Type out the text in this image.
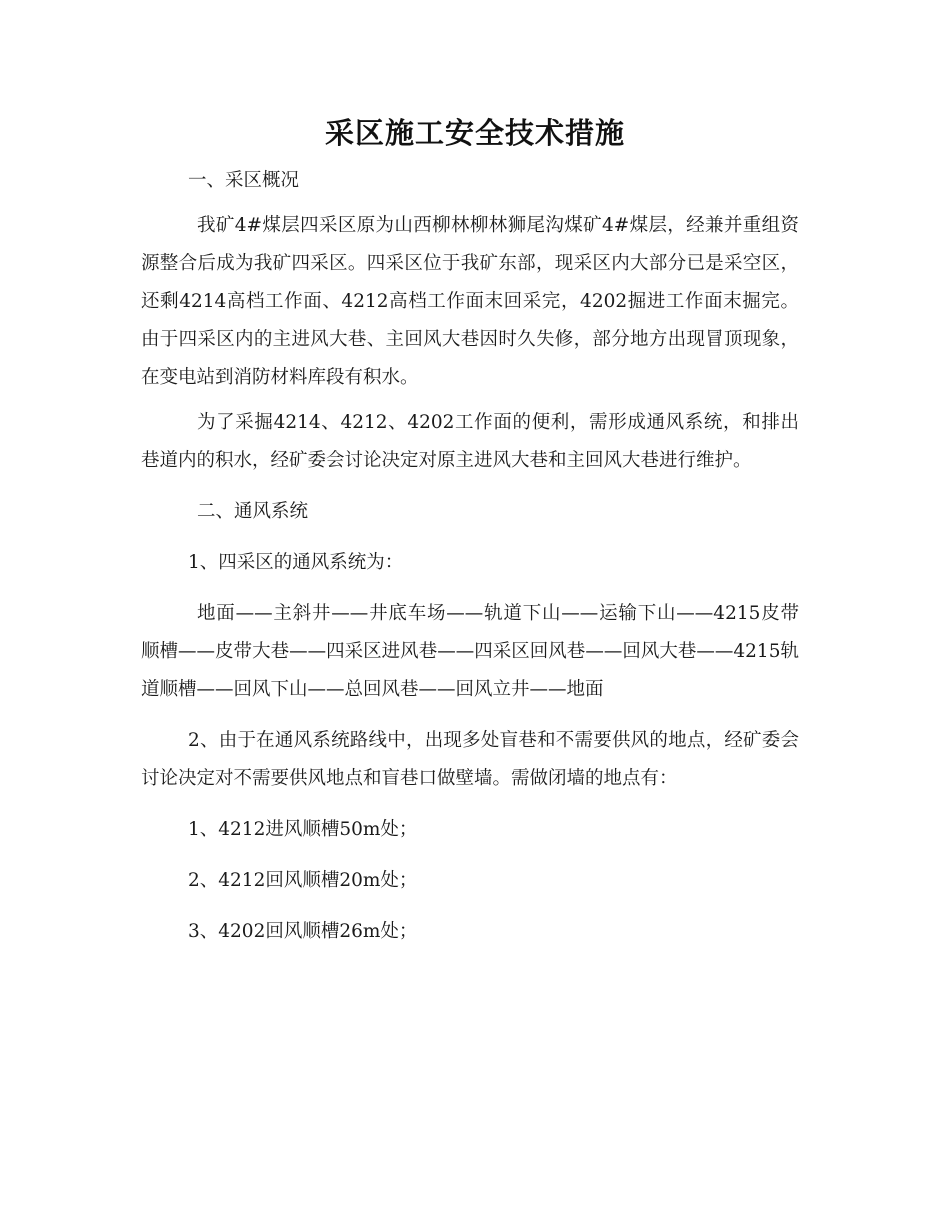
采区施工安全技术措施

一、采区概况

我矿4#煤层四采区原为山西柳林柳林狮尾沟煤矿4#煤层，经兼并重组资源整合后成为我矿四采区。四采区位于我矿东部，现采区内大部分已是采空区，还剩4214高档工作面、4212高档工作面末回采完，4202掘进工作面末掘完。由于四采区内的主进风大巷、主回风大巷因时久失修，部分地方出现冒顶现象，在变电站到消防材料库段有积水。

为了采掘4214、4212、4202工作面的便利，需形成通风系统，和排出巷道内的积水，经矿委会讨论决定对原主进风大巷和主回风大巷进行维护。

二、通风系统

1、四采区的通风系统为：

地面——主斜井——井底车场——轨道下山——运输下山——4215皮带顺槽——皮带大巷——四采区进风巷——四采区回风巷——回风大巷——4215轨道顺槽——回风下山——总回风巷——回风立井——地面

2、由于在通风系统路线中，出现多处盲巷和不需要供风的地点，经矿委会讨论决定对不需要供风地点和盲巷口做壁墙。需做闭墙的地点有：

1、4212进风顺槽50m处；

2、4212回风顺槽20m处；

3、4202回风顺槽26m处；
